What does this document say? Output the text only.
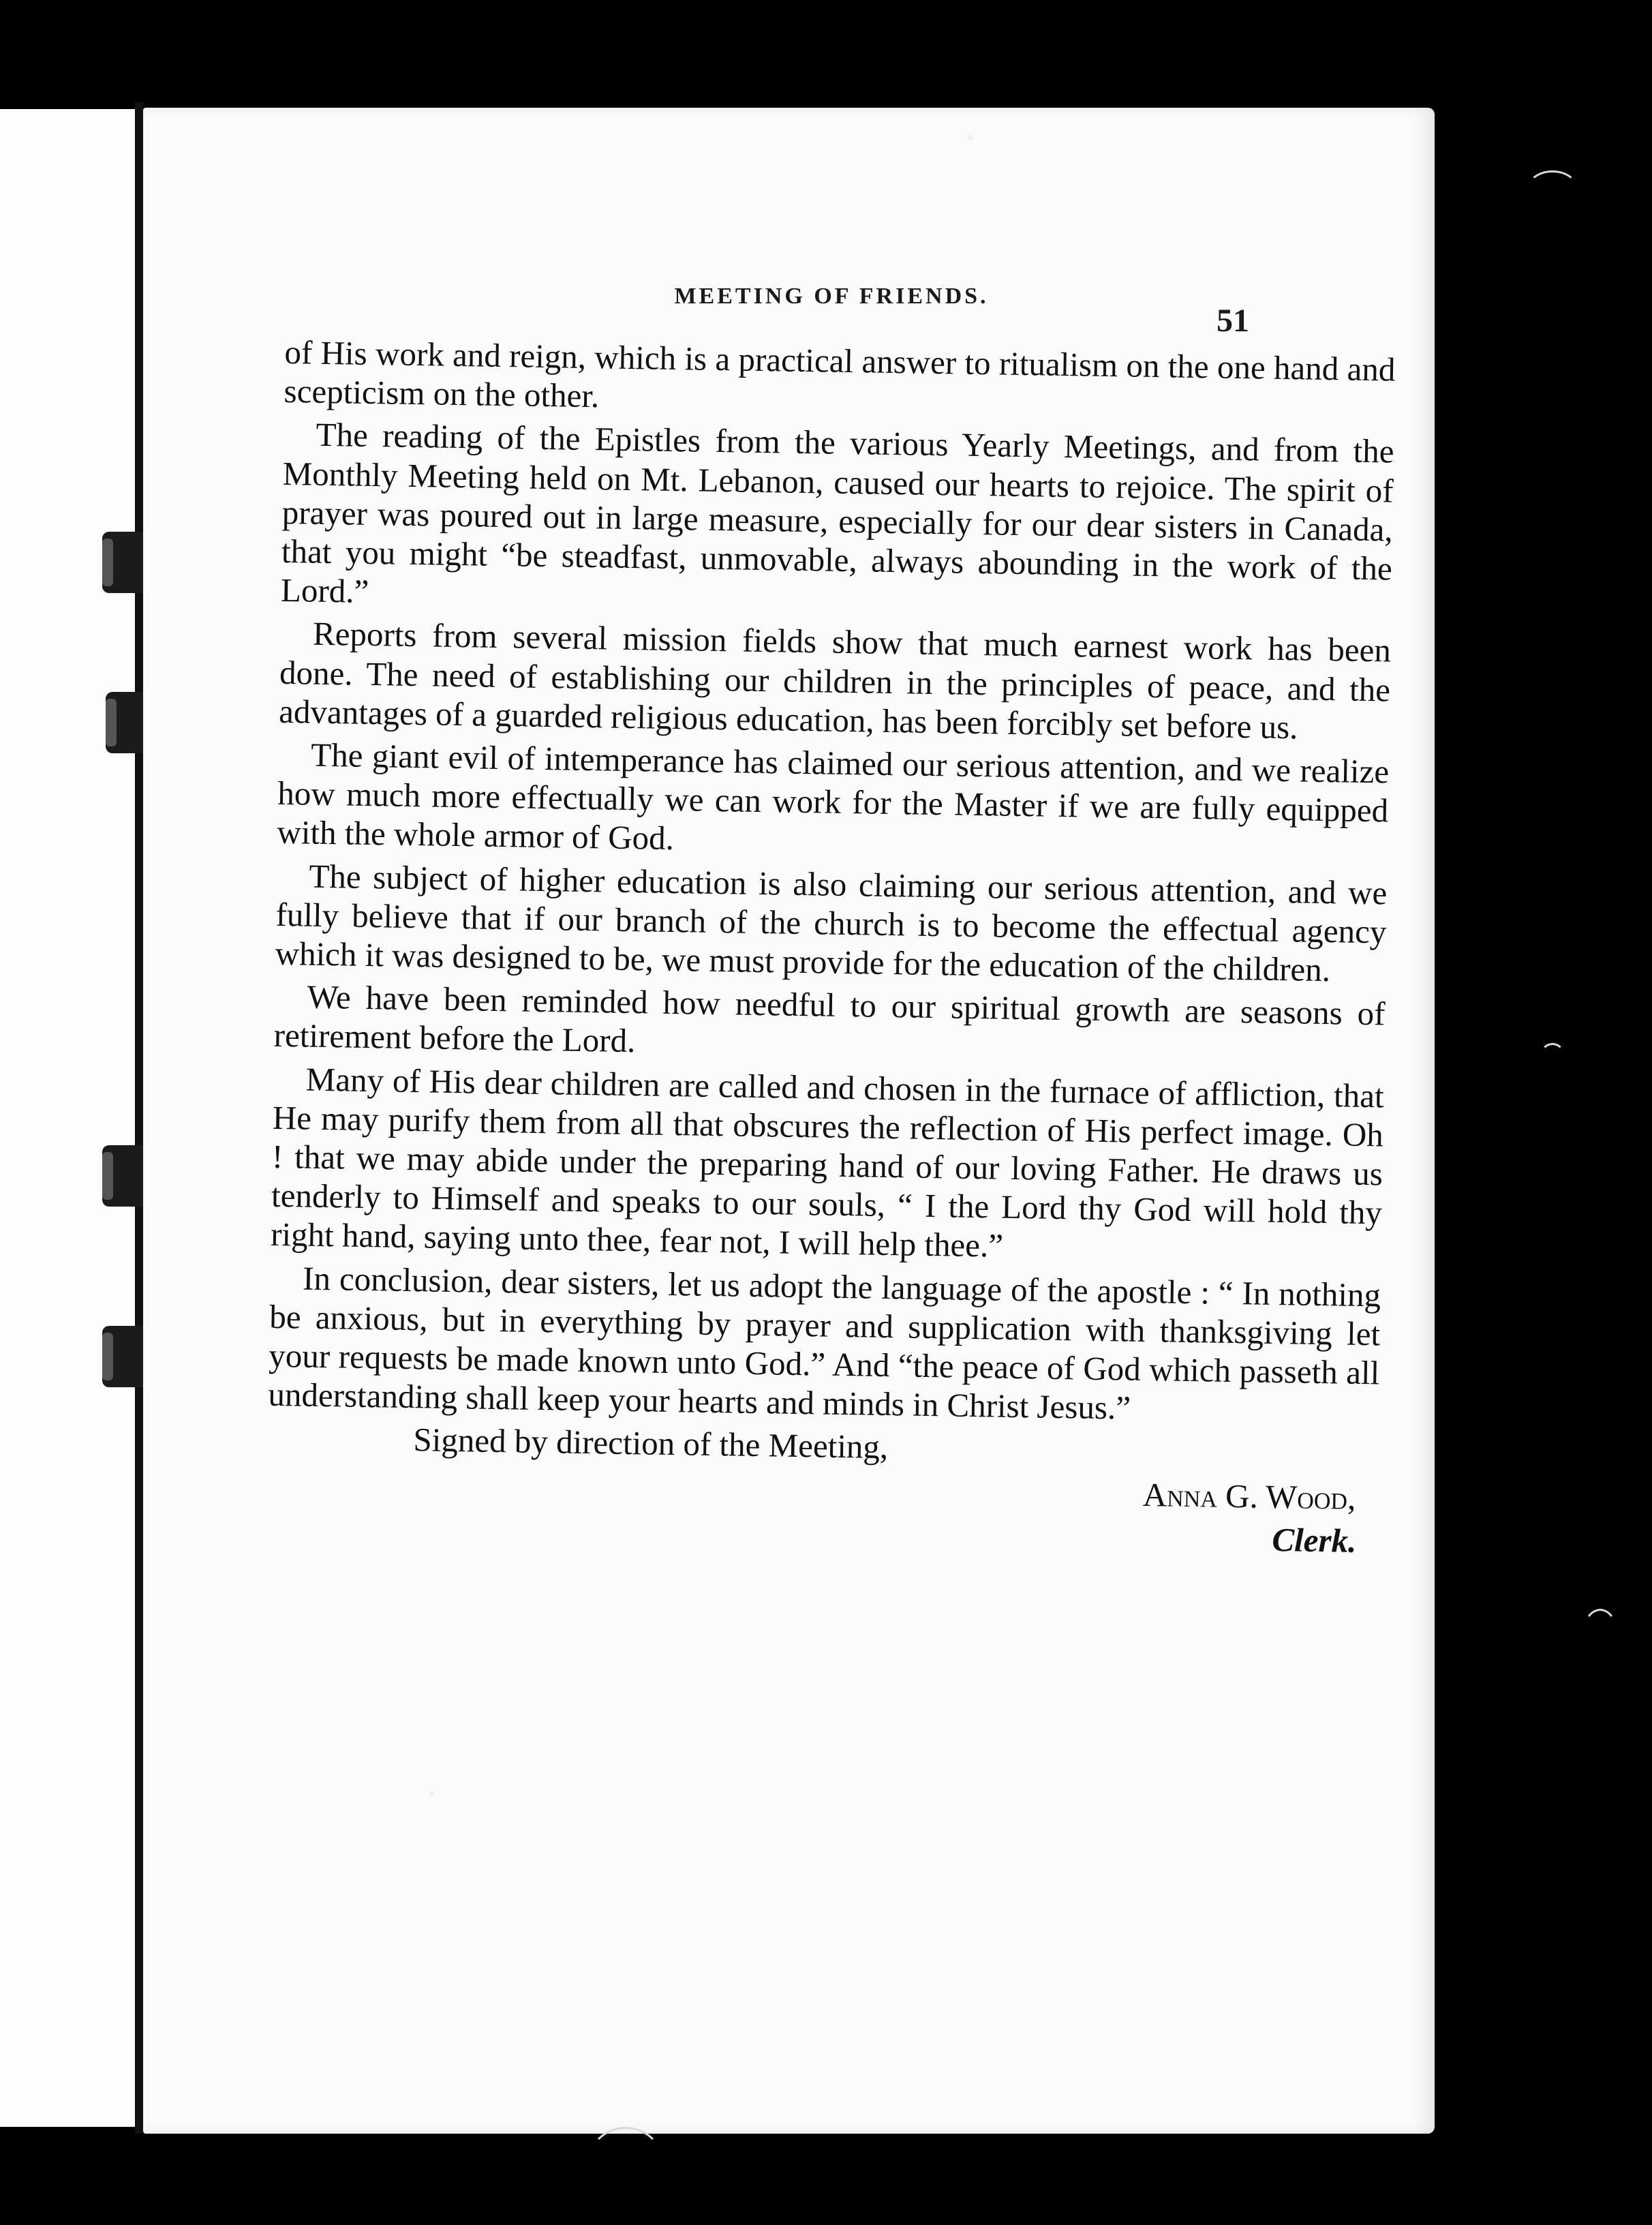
MEETING OF FRIENDS.
51

of His work and reign, which is a practical answer to ritualism on the one hand and scepticism on the other.

The reading of the Epistles from the various Yearly Meetings, and from the Monthly Meeting held on Mt. Lebanon, caused our hearts to rejoice. The spirit of prayer was poured out in large measure, especially for our dear sisters in Canada, that you might “be steadfast, unmovable, always abounding in the work of the Lord.”

Reports from several mission fields show that much earnest work has been done. The need of establishing our children in the principles of peace, and the advantages of a guarded religious education, has been forcibly set before us.

The giant evil of intemperance has claimed our serious attention, and we realize how much more effectually we can work for the Master if we are fully equipped with the whole armor of God.

The subject of higher education is also claiming our serious attention, and we fully believe that if our branch of the church is to become the effectual agency which it was designed to be, we must provide for the education of the children.

We have been reminded how needful to our spiritual growth are seasons of retirement before the Lord.

Many of His dear children are called and chosen in the furnace of affliction, that He may purify them from all that obscures the reflection of His perfect image. Oh ! that we may abide under the preparing hand of our loving Father. He draws us tenderly to Himself and speaks to our souls, “ I the Lord thy God will hold thy right hand, saying unto thee, fear not, I will help thee.”

In conclusion, dear sisters, let us adopt the language of the apostle : “ In nothing be anxious, but in everything by prayer and supplication with thanksgiving let your requests be made known unto God.” And “the peace of God which passeth all understanding shall keep your hearts and minds in Christ Jesus.”

Signed by direction of the Meeting,

Anna G. Wood,

Clerk.
